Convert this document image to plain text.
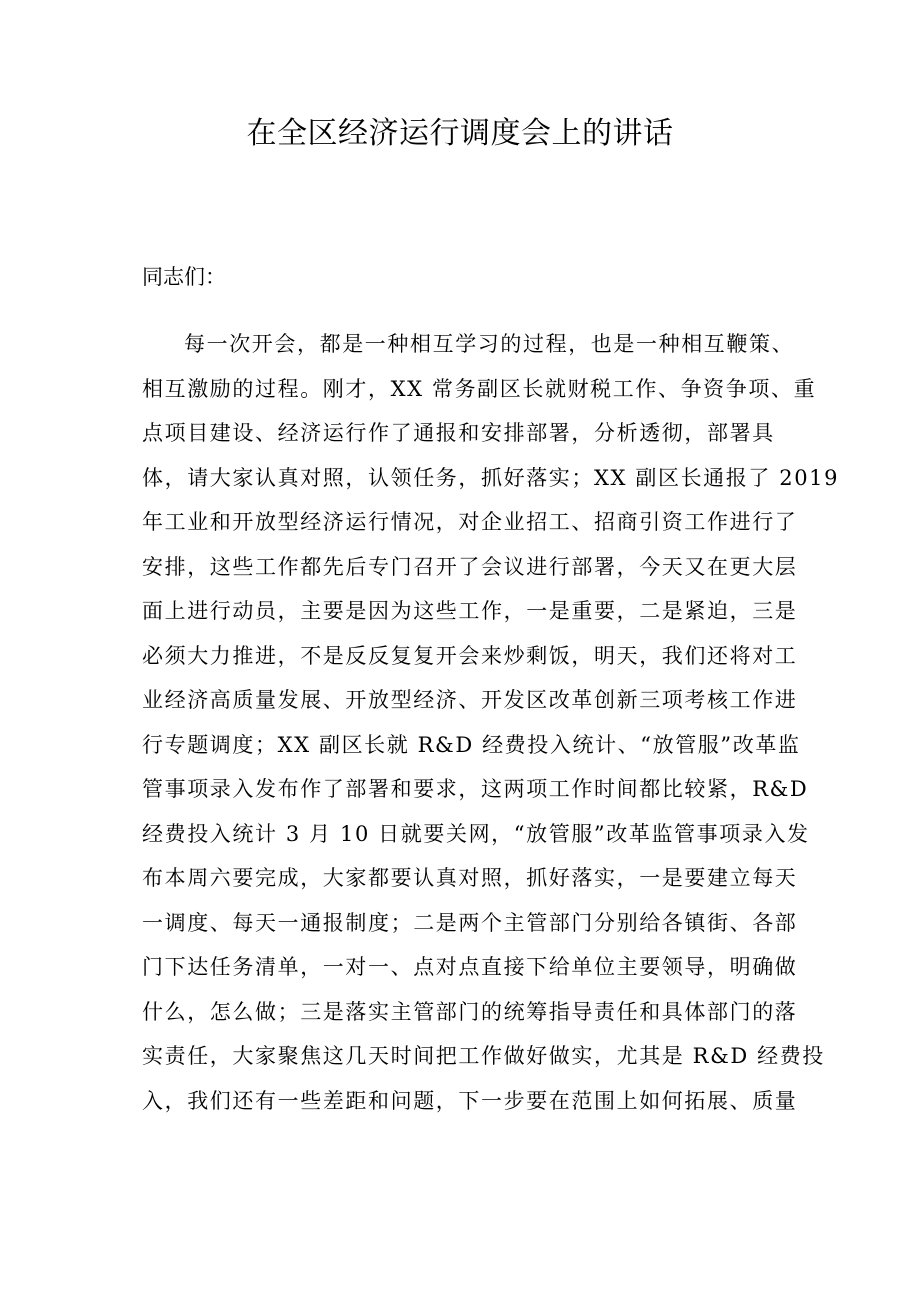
在全区经济运行调度会上的讲话

同志们：

每一次开会，都是一种相互学习的过程，也是一种相互鞭策、
相互激励的过程。刚才，XX 常务副区长就财税工作、争资争项、重
点项目建设、经济运行作了通报和安排部署，分析透彻，部署具
体，请大家认真对照，认领任务，抓好落实；XX 副区长通报了 2019
年工业和开放型经济运行情况，对企业招工、招商引资工作进行了
安排，这些工作都先后专门召开了会议进行部署，今天又在更大层
面上进行动员，主要是因为这些工作，一是重要，二是紧迫，三是
必须大力推进，不是反反复复开会来炒剩饭，明天，我们还将对工
业经济高质量发展、开放型经济、开发区改革创新三项考核工作进
行专题调度；XX 副区长就 R&D 经费投入统计、“放管服”改革监
管事项录入发布作了部署和要求，这两项工作时间都比较紧，R&D
经费投入统计 3 月 10 日就要关网，“放管服”改革监管事项录入发
布本周六要完成，大家都要认真对照，抓好落实，一是要建立每天
一调度、每天一通报制度；二是两个主管部门分别给各镇街、各部
门下达任务清单，一对一、点对点直接下给单位主要领导，明确做
什么，怎么做；三是落实主管部门的统筹指导责任和具体部门的落
实责任，大家聚焦这几天时间把工作做好做实，尤其是 R&D 经费投
入，我们还有一些差距和问题，下一步要在范围上如何拓展、质量
